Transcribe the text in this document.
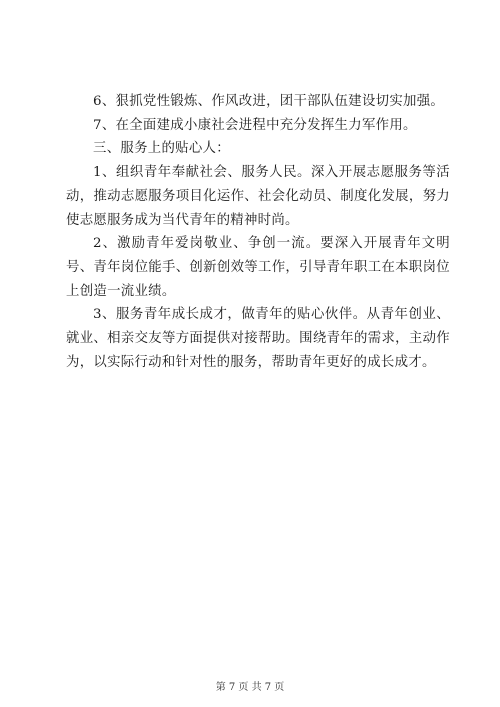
6、狠抓党性锻炼、作风改进，团干部队伍建设切实加强。

7、在全面建成小康社会进程中充分发挥生力军作用。

三、服务上的贴心人：

1、组织青年奉献社会、服务人民。深入开展志愿服务等活动，推动志愿服务项目化运作、社会化动员、制度化发展，努力使志愿服务成为当代青年的精神时尚。

2、激励青年爱岗敬业、争创一流。要深入开展青年文明号、青年岗位能手、创新创效等工作，引导青年职工在本职岗位上创造一流业绩。

3、服务青年成长成才，做青年的贴心伙伴。从青年创业、就业、相亲交友等方面提供对接帮助。围绕青年的需求，主动作为，以实际行动和针对性的服务，帮助青年更好的成长成才。

第 7 页 共 7 页
